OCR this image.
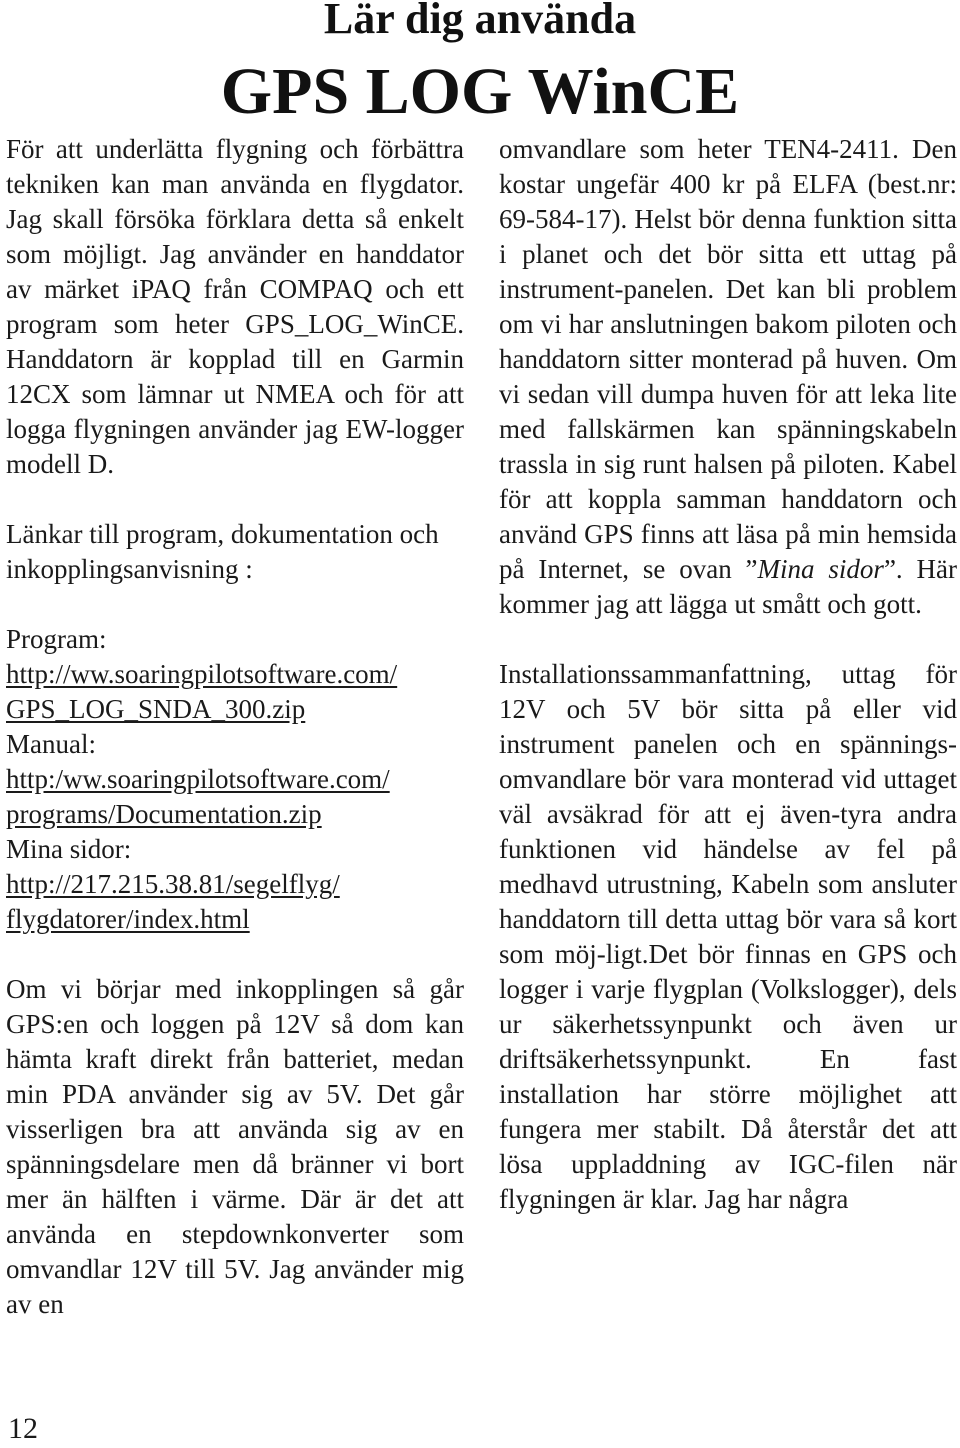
Lär dig använda
GPS LOG WinCE

För att underlätta flygning och förbättra tekniken kan man använda en flygdator. Jag skall försöka förklara detta så enkelt som möjligt. Jag använder en handdator av märket iPAQ från COMPAQ och ett program som heter GPS_LOG_WinCE. Handdatorn är kopplad till en Garmin 12CX som lämnar ut NMEA och för att logga flygningen använder jag EW-logger modell D.

Länkar till program, dokumentation och inkopplingsanvisning :

Program:
http://ww.soaringpilotsoftware.com/
GPS_LOG_SNDA_300.zip
Manual:
http:/ww.soaringpilotsoftware.com/
programs/Documentation.zip
Mina sidor:
http://217.215.38.81/segelflyg/
flygdatorer/index.html

Om vi börjar med inkopplingen så går GPS:en och loggen på 12V så dom kan hämta kraft direkt från batteriet, medan min PDA använder sig av 5V. Det går visserligen bra att använda sig av en spänningsdelare men då bränner vi bort mer än hälften i värme. Där är det att använda en stepdownkonverter som omvandlar 12V till 5V. Jag använder mig av en

omvandlare som heter TEN4-2411. Den kostar ungefär 400 kr på ELFA (best.nr: 69-584-17). Helst bör denna funktion sitta i planet och det bör sitta ett uttag på instrument-panelen. Det kan bli problem om vi har anslutningen bakom piloten och handdatorn sitter monterad på huven. Om vi sedan vill dumpa huven för att leka lite med fallskärmen kan spänningskabeln trassla in sig runt halsen på piloten. Kabel för att koppla samman handdatorn och använd GPS finns att läsa på min hemsida på Internet, se ovan ”Mina sidor”. Här kommer jag att lägga ut smått och gott.

Installationssammanfattning, uttag för 12V och 5V bör sitta på eller vid instrument panelen och en spännings-omvandlare bör vara monterad vid uttaget väl avsäkrad för att ej även-tyra andra funktionen vid händelse av fel på medhavd utrustning, Kabeln som ansluter handdatorn till detta uttag bör vara så kort som möj-ligt.Det bör finnas en GPS och logger i varje flygplan (Volkslogger), dels ur säkerhetssynpunkt och även ur driftsäkerhetssynpunkt. En fast installation har större möjlighet att fungera mer stabilt. Då återstår det att lösa uppladdning av IGC-filen när flygningen är klar. Jag har några

12
